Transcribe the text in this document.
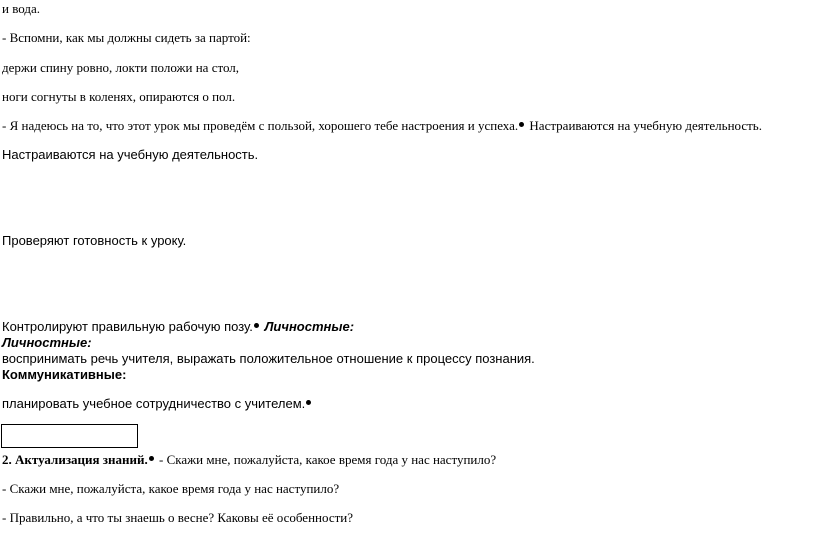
и вода.
- Вспомни, как мы должны сидеть за партой:
держи спину ровно, локти положи на стол,
ноги согнуты в коленях, опираются о пол.
- Я надеюсь на то, что этот урок мы проведём с пользой, хорошего тебе настроения и успеха. Настраиваются на учебную деятельность.
Настраиваются на учебную деятельность.
Проверяют готовность к уроку.
Контролируют правильную рабочую позу. Личностные:
Личностные:
воспринимать речь учителя, выражать положительное отношение к процессу познания.
Коммуникативные:
планировать учебное сотрудничество с учителем.
2. Актуализация знаний. - Скажи мне, пожалуйста, какое время года у нас наступило?
- Скажи мне, пожалуйста, какое время года у нас наступило?
- Правильно, а что ты знаешь о весне? Каковы её особенности?
